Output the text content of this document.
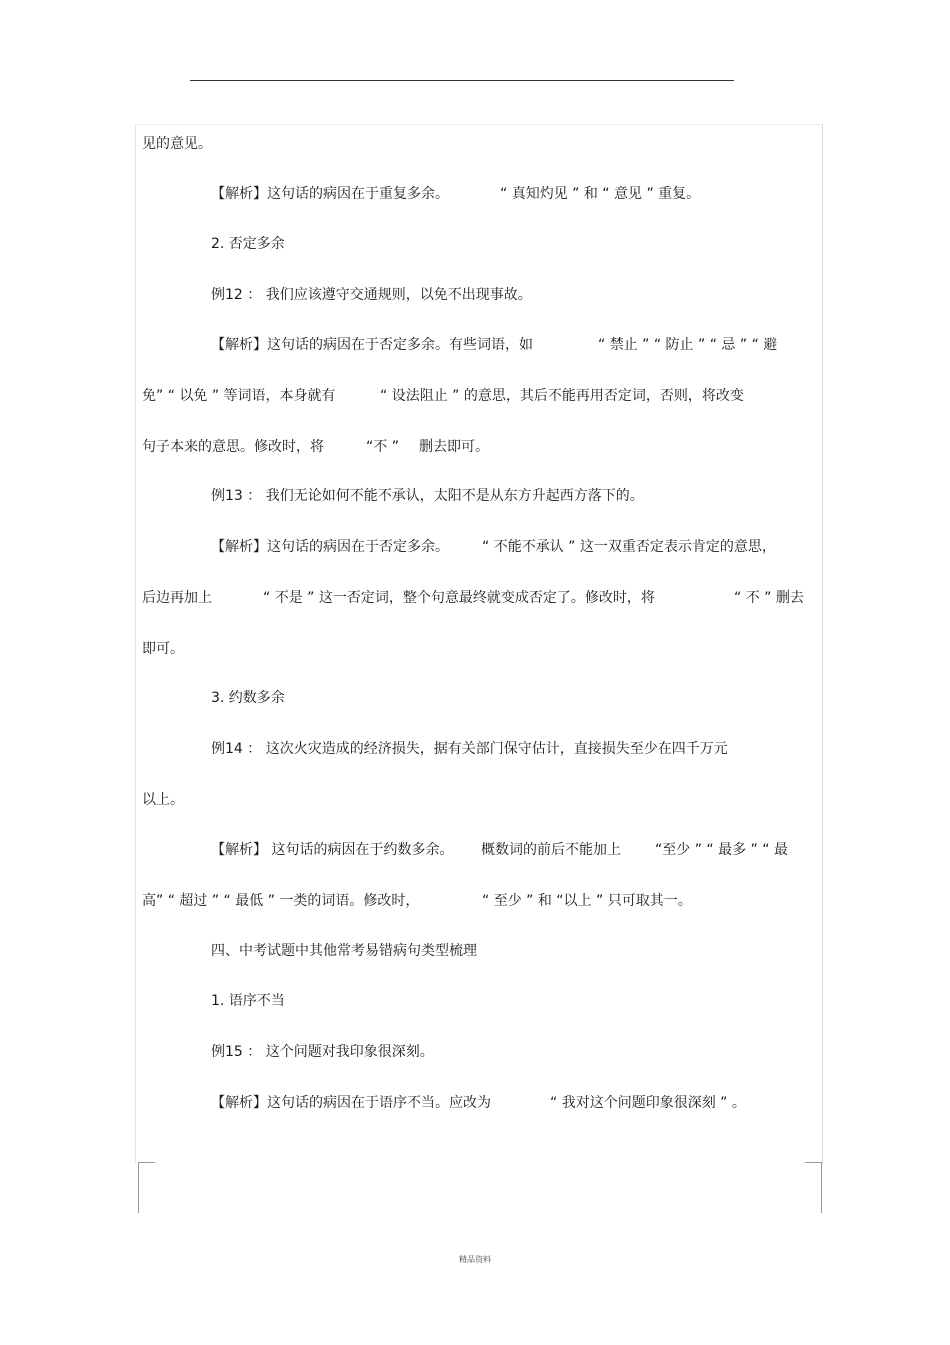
见的意见。
【解析】这句话的病因在于重复多余。	“ 真知灼见 ” 和 “ 意见 ” 重复。
2. 否定多余
例12 ： 我们应该遵守交通规则，以免不出现事故。
【解析】这句话的病因在于否定多余。有些词语，如	“ 禁止 ” “ 防止 ” “ 忌 ” “ 避
免” “ 以免 ” 等词语，本身就有	“ 设法阻止 ” 的意思，其后不能再用否定词，否则，将改变
句子本来的意思。修改时，将	“不 ” 删去即可。
例13 ： 我们无论如何不能不承认，太阳不是从东方升起西方落下的。
【解析】这句话的病因在于否定多余。 “ 不能不承认 ” 这一双重否定表示肯定的意思，
后边再加上	“ 不是 ” 这一否定词，整个句意最终就变成否定了。修改时，将	“ 不 ” 删去
即可。
3. 约数多余
例14 ： 这次火灾造成的经济损失，据有关部门保守估计，直接损失至少在四千万元
以上。
【解析】 这句话的病因在于约数多余。 概数词的前后不能加上 “至少 ” “ 最多 ” “ 最
高” “ 超过 ” “ 最低 ” 一类的词语。修改时，	“ 至少 ” 和 “以上 ” 只可取其一。
四、中考试题中其他常考易错病句类型梳理
1. 语序不当
例15 ： 这个问题对我印象很深刻。
【解析】这句话的病因在于语序不当。应改为	“ 我对这个问题印象很深刻 ” 。
精品资料
